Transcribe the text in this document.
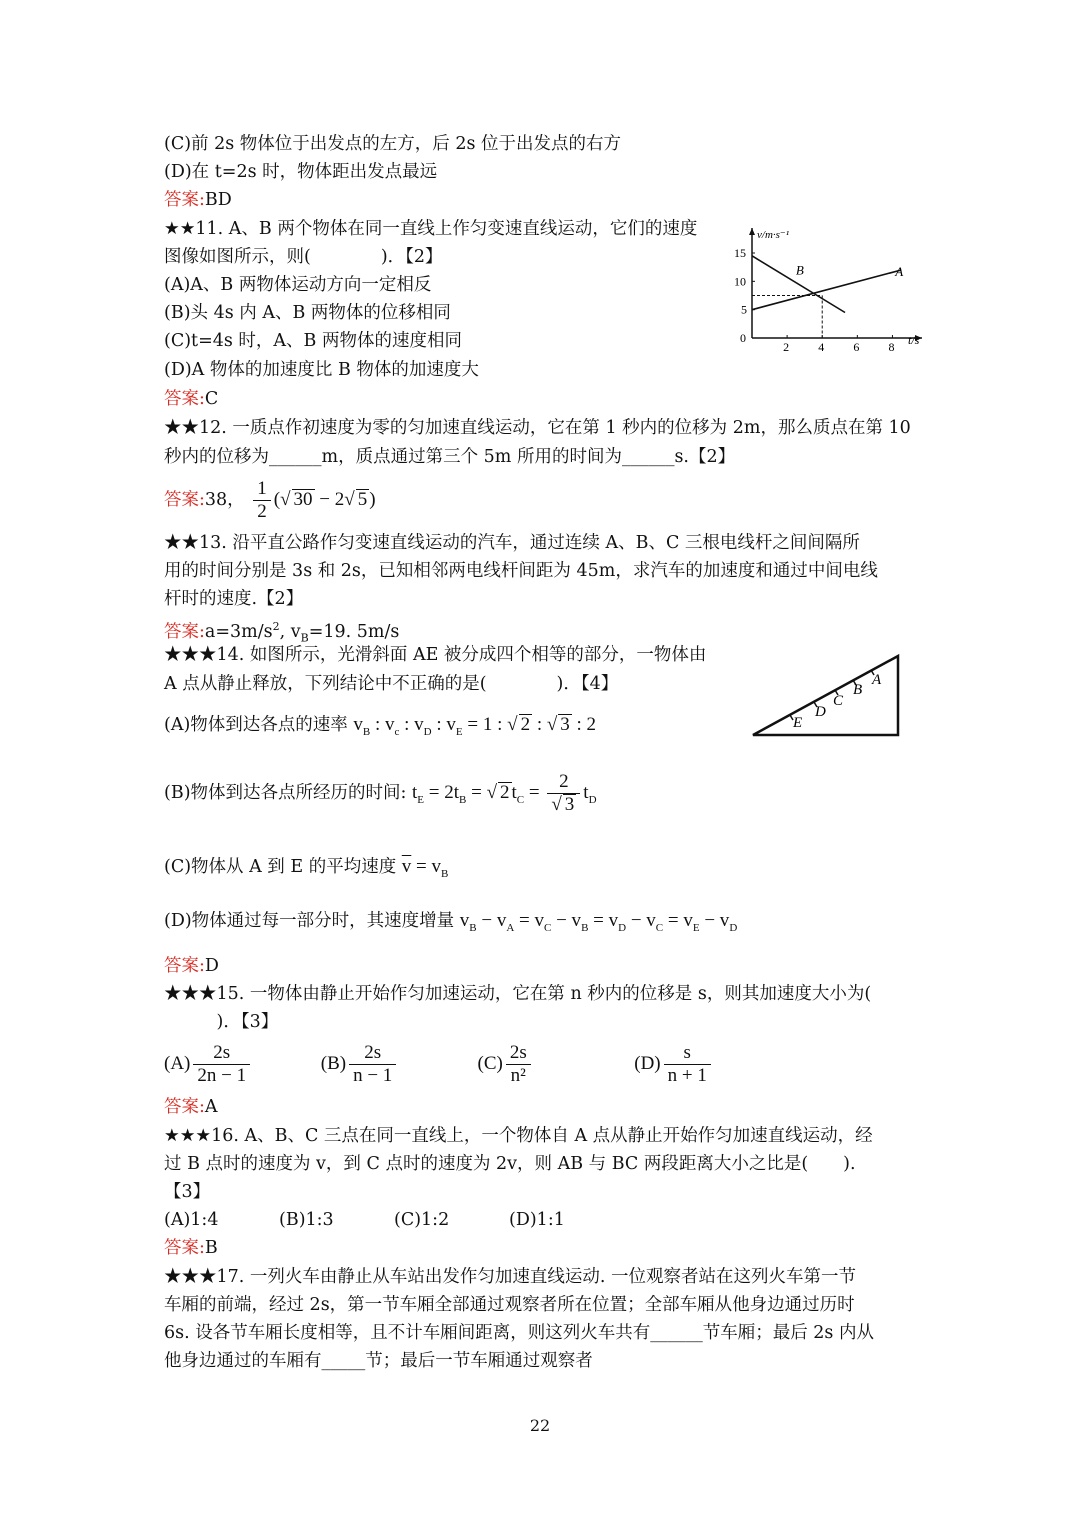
(C)前 2s 物体位于出发点的左方，后 2s 位于出发点的右方
(D)在 t=2s 时，物体距出发点最远
答案:BD
★★11. A、B 两个物体在同一直线上作匀变速直线运动，它们的速度
图像如图所示，则(　　　　)．【2】
(A)A、B 两物体运动方向一定相反
(B)头 4s 内 A、B 两物体的位移相同
(C)t=4s 时，A、B 两物体的速度相同
(D)A 物体的加速度比 B 物体的加速度大
答案:C
v/m·s⁻¹
t/s
0
2 4 6 8
5
10
15
A
B
★★12. 一质点作初速度为零的匀加速直线运动，它在第 1 秒内的位移为 2m，那么质点在第 10
秒内的位移为______m，质点通过第三个 5m 所用的时间为______s.【2】
答案:38， $\frac{1}{2}$ (√ 30 − 2√ 5 )
★★13. 沿平直公路作匀变速直线运动的汽车，通过连续 A、B、C 三根电线杆之间间隔所
用的时间分别是 3s 和 2s，已知相邻两电线杆间距为 45m，求汽车的加速度和通过中间电线
杆时的速度.【2】
答案$:a=3m/s^2$, $v_B=19$. 5m/s
★★★14. 如图所示，光滑斜面 AE 被分成四个相等的部分，一物体由
A 点从静止释放，下列结论中不正确的是(　　　　)．【4】	A
B
C
D
E
(A)物体到达各点的速率 $v_B$ : $v_c$ : $v_D$ : $v_E = 1$ : √ 2 : √ 3 : 2
(B)物体到达各点所经历的时间: $t_E = 2t_B$ = √ 2 $t_C = \frac{2}{√ 3} t_D$
(C)物体从 A 到 E 的平均速度 $\overline{v} = v_B$
(D)物体通过每一部分时，其速度增量 $v_B - v_A = v_C - v_B = v_D - v_C = v_E - v_D$
答案:D
★★★15. 一物体由静止开始作匀加速运动，它在第 n 秒内的位移是 s，则其加速度大小为(
　　　)．【3】
$(A) \frac{2s}{2n - 1}$	$(B) \frac{2s}{n - 1}$	$(C) \frac{2s}{\text{n²}}$	$(D) \frac{s}{n + 1}$
答案:A
★★★16. A、B、C 三点在同一直线上，一个物体自 A 点从静止开始作匀加速直线运动，经
过 B 点时的速度为 v，到 C 点时的速度为 2v，则 AB 与 BC 两段距离大小之比是(　　).
【3】
(A)1:4	(B)1:3	(C)1:2	(D)1:1
答案:B
★★★17. 一列火车由静止从车站出发作匀加速直线运动. 一位观察者站在这列火车第一节
车厢的前端，经过 2s，第一节车厢全部通过观察者所在位置；全部车厢从他身边通过历时
6s. 设各节车厢长度相等，且不计车厢间距离，则这列火车共有______节车厢；最后 2s 内从
他身边通过的车厢有_____节；最后一节车厢通过观察者
22
